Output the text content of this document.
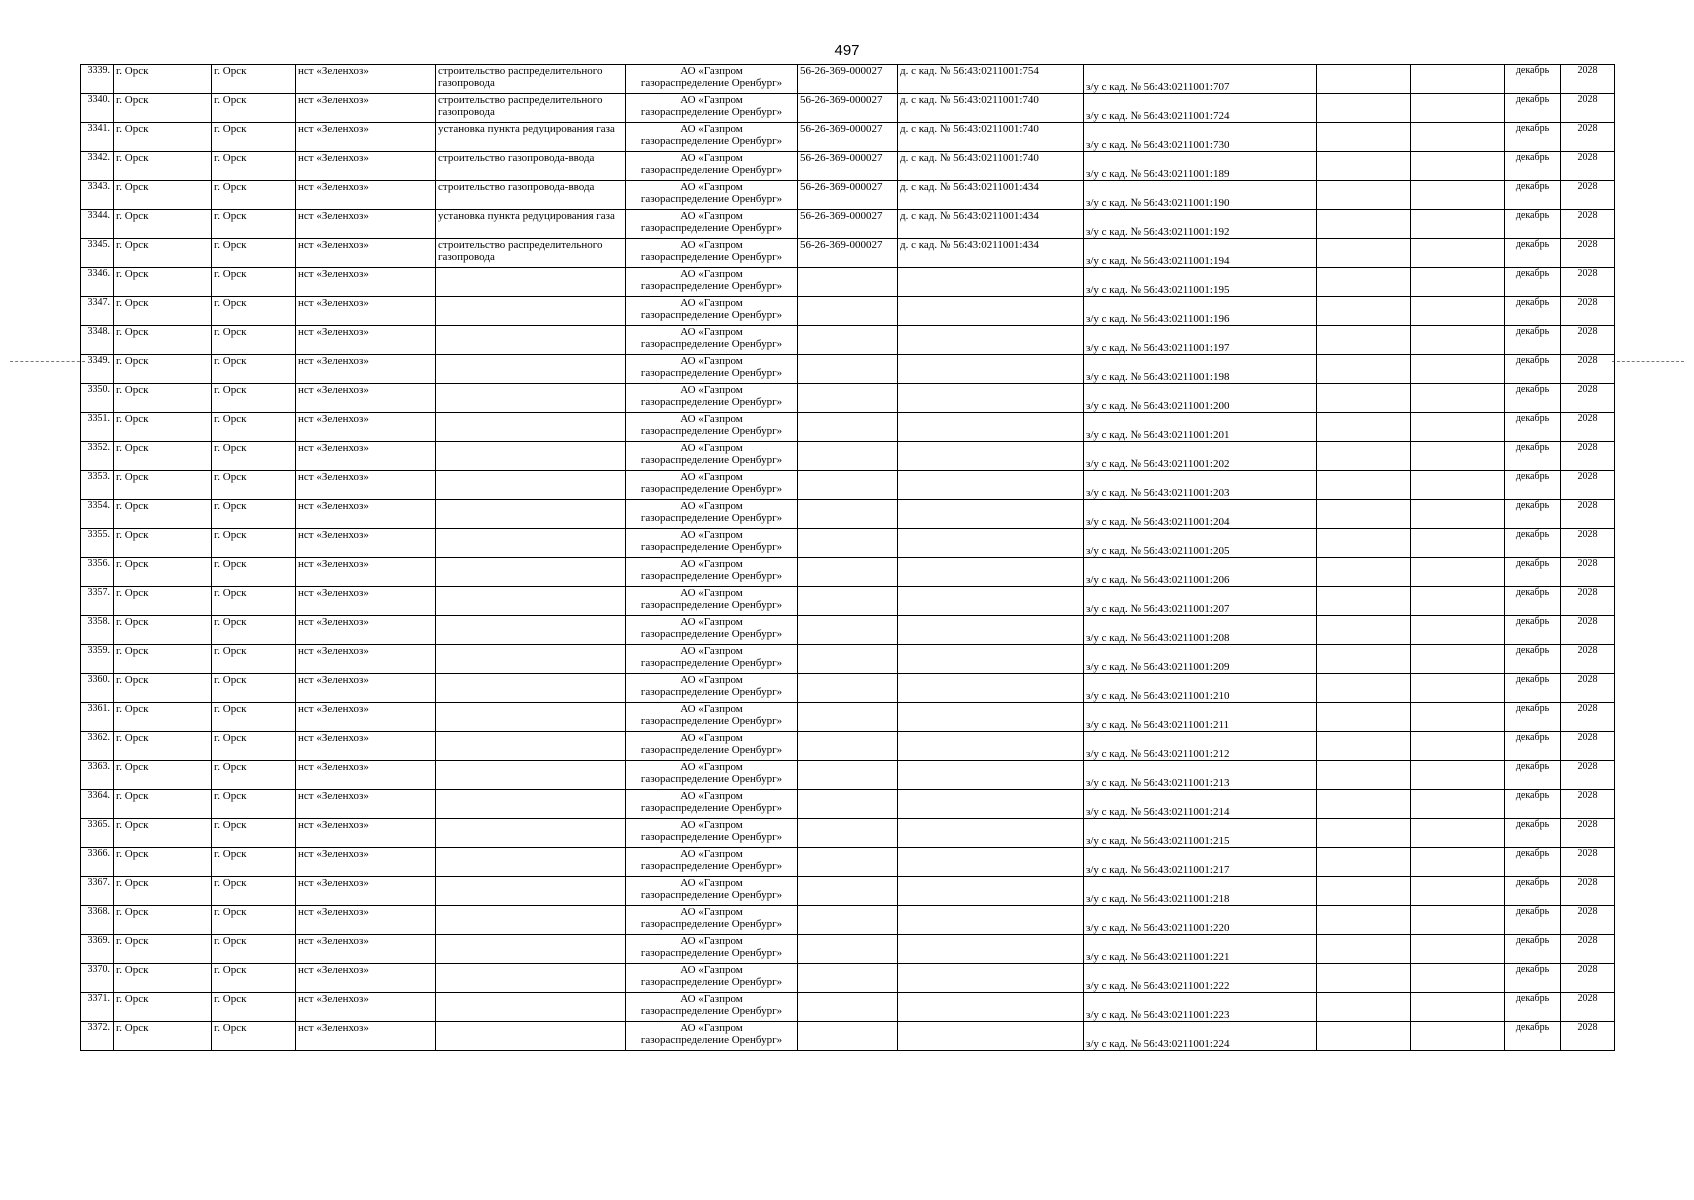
497
3339.	г. Орск	г. Орск	нст «Зеленхоз»	строительство распределительного газопровода	АО «Газпром
газораспределение Оренбург»	56-26-369-000027	д. с кад. № 56:43:0211001:754	з/у с кад. № 56:43:0211001:707			декабрь	2028
3340.	г. Орск	г. Орск	нст «Зеленхоз»	строительство распределительного газопровода	АО «Газпром
газораспределение Оренбург»	56-26-369-000027	д. с кад. № 56:43:0211001:740	з/у с кад. № 56:43:0211001:724			декабрь	2028
3341.	г. Орск	г. Орск	нст «Зеленхоз»	установка пункта редуцирования газа	АО «Газпром
газораспределение Оренбург»	56-26-369-000027	д. с кад. № 56:43:0211001:740	з/у с кад. № 56:43:0211001:730			декабрь	2028
3342.	г. Орск	г. Орск	нст «Зеленхоз»	строительство газопровода-ввода	АО «Газпром
газораспределение Оренбург»	56-26-369-000027	д. с кад. № 56:43:0211001:740	з/у с кад. № 56:43:0211001:189			декабрь	2028
3343.	г. Орск	г. Орск	нст «Зеленхоз»	строительство газопровода-ввода	АО «Газпром
газораспределение Оренбург»	56-26-369-000027	д. с кад. № 56:43:0211001:434	з/у с кад. № 56:43:0211001:190			декабрь	2028
3344.	г. Орск	г. Орск	нст «Зеленхоз»	установка пункта редуцирования газа	АО «Газпром
газораспределение Оренбург»	56-26-369-000027	д. с кад. № 56:43:0211001:434	з/у с кад. № 56:43:0211001:192			декабрь	2028
3345.	г. Орск	г. Орск	нст «Зеленхоз»	строительство распределительного газопровода	АО «Газпром
газораспределение Оренбург»	56-26-369-000027	д. с кад. № 56:43:0211001:434	з/у с кад. № 56:43:0211001:194			декабрь	2028
3346.	г. Орск	г. Орск	нст «Зеленхоз»		АО «Газпром
газораспределение Оренбург»			з/у с кад. № 56:43:0211001:195			декабрь	2028
3347.	г. Орск	г. Орск	нст «Зеленхоз»		АО «Газпром
газораспределение Оренбург»			з/у с кад. № 56:43:0211001:196			декабрь	2028
3348.	г. Орск	г. Орск	нст «Зеленхоз»		АО «Газпром
газораспределение Оренбург»			з/у с кад. № 56:43:0211001:197			декабрь	2028
3349.	г. Орск	г. Орск	нст «Зеленхоз»		АО «Газпром
газораспределение Оренбург»			з/у с кад. № 56:43:0211001:198			декабрь	2028
3350.	г. Орск	г. Орск	нст «Зеленхоз»		АО «Газпром
газораспределение Оренбург»			з/у с кад. № 56:43:0211001:200			декабрь	2028
3351.	г. Орск	г. Орск	нст «Зеленхоз»		АО «Газпром
газораспределение Оренбург»			з/у с кад. № 56:43:0211001:201			декабрь	2028
3352.	г. Орск	г. Орск	нст «Зеленхоз»		АО «Газпром
газораспределение Оренбург»			з/у с кад. № 56:43:0211001:202			декабрь	2028
3353.	г. Орск	г. Орск	нст «Зеленхоз»		АО «Газпром
газораспределение Оренбург»			з/у с кад. № 56:43:0211001:203			декабрь	2028
3354.	г. Орск	г. Орск	нст «Зеленхоз»		АО «Газпром
газораспределение Оренбург»			з/у с кад. № 56:43:0211001:204			декабрь	2028
3355.	г. Орск	г. Орск	нст «Зеленхоз»		АО «Газпром
газораспределение Оренбург»			з/у с кад. № 56:43:0211001:205			декабрь	2028
3356.	г. Орск	г. Орск	нст «Зеленхоз»		АО «Газпром
газораспределение Оренбург»			з/у с кад. № 56:43:0211001:206			декабрь	2028
3357.	г. Орск	г. Орск	нст «Зеленхоз»		АО «Газпром
газораспределение Оренбург»			з/у с кад. № 56:43:0211001:207			декабрь	2028
3358.	г. Орск	г. Орск	нст «Зеленхоз»		АО «Газпром
газораспределение Оренбург»			з/у с кад. № 56:43:0211001:208			декабрь	2028
3359.	г. Орск	г. Орск	нст «Зеленхоз»		АО «Газпром
газораспределение Оренбург»			з/у с кад. № 56:43:0211001:209			декабрь	2028
3360.	г. Орск	г. Орск	нст «Зеленхоз»		АО «Газпром
газораспределение Оренбург»			з/у с кад. № 56:43:0211001:210			декабрь	2028
3361.	г. Орск	г. Орск	нст «Зеленхоз»		АО «Газпром
газораспределение Оренбург»			з/у с кад. № 56:43:0211001:211			декабрь	2028
3362.	г. Орск	г. Орск	нст «Зеленхоз»		АО «Газпром
газораспределение Оренбург»			з/у с кад. № 56:43:0211001:212			декабрь	2028
3363.	г. Орск	г. Орск	нст «Зеленхоз»		АО «Газпром
газораспределение Оренбург»			з/у с кад. № 56:43:0211001:213			декабрь	2028
3364.	г. Орск	г. Орск	нст «Зеленхоз»		АО «Газпром
газораспределение Оренбург»			з/у с кад. № 56:43:0211001:214			декабрь	2028
3365.	г. Орск	г. Орск	нст «Зеленхоз»		АО «Газпром
газораспределение Оренбург»			з/у с кад. № 56:43:0211001:215			декабрь	2028
3366.	г. Орск	г. Орск	нст «Зеленхоз»		АО «Газпром
газораспределение Оренбург»			з/у с кад. № 56:43:0211001:217			декабрь	2028
3367.	г. Орск	г. Орск	нст «Зеленхоз»		АО «Газпром
газораспределение Оренбург»			з/у с кад. № 56:43:0211001:218			декабрь	2028
3368.	г. Орск	г. Орск	нст «Зеленхоз»		АО «Газпром
газораспределение Оренбург»			з/у с кад. № 56:43:0211001:220			декабрь	2028
3369.	г. Орск	г. Орск	нст «Зеленхоз»		АО «Газпром
газораспределение Оренбург»			з/у с кад. № 56:43:0211001:221			декабрь	2028
3370.	г. Орск	г. Орск	нст «Зеленхоз»		АО «Газпром
газораспределение Оренбург»			з/у с кад. № 56:43:0211001:222			декабрь	2028
3371.	г. Орск	г. Орск	нст «Зеленхоз»		АО «Газпром
газораспределение Оренбург»			з/у с кад. № 56:43:0211001:223			декабрь	2028
3372.	г. Орск	г. Орск	нст «Зеленхоз»		АО «Газпром
газораспределение Оренбург»			з/у с кад. № 56:43:0211001:224			декабрь	2028
